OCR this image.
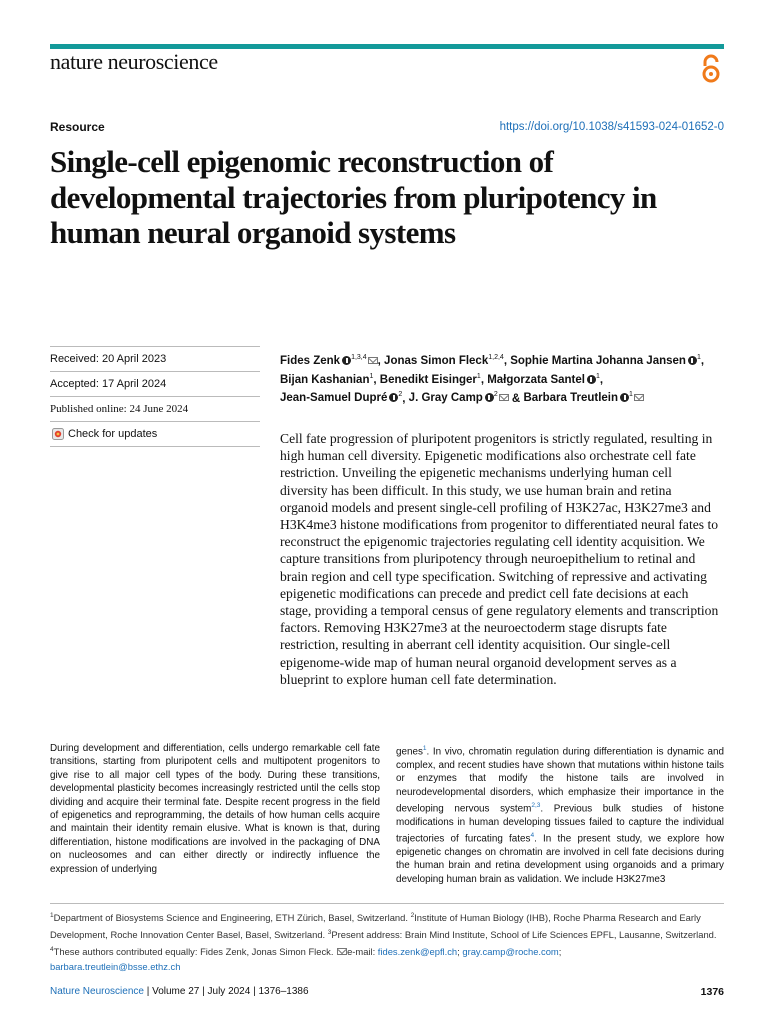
nature neuroscience
Resource	https://doi.org/10.1038/s41593-024-01652-0
Single-cell epigenomic reconstruction of developmental trajectories from pluripotency in human neural organoid systems
Received: 20 April 2023
Accepted: 17 April 2024
Published online: 24 June 2024
Check for updates
Fides Zenk $^{1,3,4}$ , Jonas Simon Fleck$^{1,2,4}$, Sophie Martina Johanna Jansen $^1$, Bijan Kashanian$^1$, Benedikt Eisinger$^1$, Małgorzata Santel $^1$, Jean-Samuel Dupré $^2$, J. Gray Camp $^2$ & Barbara Treutlein $^1$

Cell fate progression of pluripotent progenitors is strictly regulated, resulting in high human cell diversity. Epigenetic modifications also orchestrate cell fate restriction. Unveiling the epigenetic mechanisms underlying human cell diversity has been difficult. In this study, we use human brain and retina organoid models and present single-cell profiling of H3K27ac, H3K27me3 and H3K4me3 histone modifications from progenitor to differentiated neural fates to reconstruct the epigenomic trajectories regulating cell identity acquisition. We capture transitions from pluripotency through neuroepithelium to retinal and brain region and cell type specification. Switching of repressive and activating epigenetic modifications can precede and predict cell fate decisions at each stage, providing a temporal census of gene regulatory elements and transcription factors. Removing H3K27me3 at the neuroectoderm stage disrupts fate restriction, resulting in aberrant cell identity acquisition. Our single-cell epigenome-wide map of human neural organoid development serves as a blueprint to explore human cell fate determination.

During development and differentiation, cells undergo remarkable cell fate transitions, starting from pluripotent cells and multipotent progenitors to give rise to all major cell types of the body. During these transitions, developmental plasticity becomes increasingly restricted until the cells stop dividing and acquire their terminal fate. Despite recent progress in the field of epigenetics and reprogramming, the details of how human cells acquire and maintain their identity remain elusive. What is known is that, during differentiation, histone modifications are involved in the packaging of DNA on nucleosomes and can either directly or indirectly influence the expression of underlying

genes$^1$. In vivo, chromatin regulation during differentiation is dynamic and complex, and recent studies have shown that mutations within histone tails or enzymes that modify the histone tails are involved in neurodevelopmental disorders, which emphasize their importance in the developing nervous system$^{2,3}$. Previous bulk studies of histone modifications in human developing tissues failed to capture the individual trajectories of furcating fates$^4$. In the present study, we explore how epigenetic changes on chromatin are involved in cell fate decisions during the human brain and retina development using organoids and a primary developing human brain as validation. We include H3K27me3

$^1$Department of Biosystems Science and Engineering, ETH Zürich, Basel, Switzerland. $^2$Institute of Human Biology (IHB), Roche Pharma Research and Early Development, Roche Innovation Center Basel, Basel, Switzerland. $^3$Present address: Brain Mind Institute, School of Life Sciences EPFL, Lausanne, Switzerland. $^4$These authors contributed equally: Fides Zenk, Jonas Simon Fleck. e-mail: fides.zenk@epfl.ch; gray.camp@roche.com;
barbara.treutlein@bsse.ethz.ch

Nature Neuroscience | Volume 27 | July 2024 | 1376–1386	1376
